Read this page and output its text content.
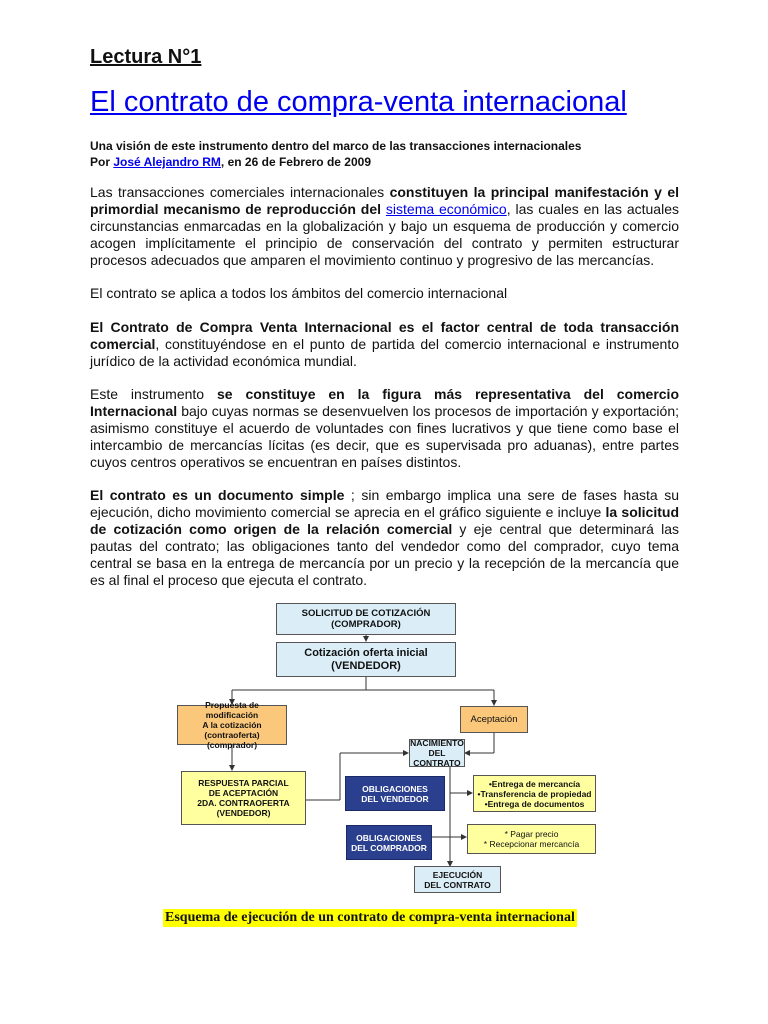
Lectura N°1
El contrato de compra-venta internacional
Una visión de este instrumento dentro del marco de las transacciones internacionales
Por José Alejandro RM, en 26 de Febrero de 2009
Las transacciones comerciales internacionales constituyen la principal manifestación y el primordial mecanismo de reproducción del sistema económico, las cuales en las actuales circunstancias enmarcadas en la globalización y bajo un esquema de producción y comercio acogen implícitamente el principio de conservación del contrato y permiten estructurar procesos adecuados que amparen el movimiento continuo y progresivo de las mercancías.
El contrato se aplica a todos los ámbitos del comercio internacional
El Contrato de Compra Venta Internacional es el factor central de toda transacción comercial, constituyéndose en el punto de partida del comercio internacional e instrumento jurídico de la actividad económica mundial.
Este instrumento se constituye en la figura más representativa del comercio Internacional bajo cuyas normas se desenvuelven los procesos de importación y exportación; asimismo constituye el acuerdo de voluntades con fines lucrativos y que tiene como base el intercambio de mercancías lícitas (es decir, que es supervisada pro aduanas), entre partes cuyos centros operativos se encuentran en países distintos.
El contrato es un documento simple ; sin embargo implica una sere de fases hasta su ejecución, dicho movimiento comercial se aprecia en el gráfico siguiente e incluye la solicitud de cotización como origen de la relación comercial y eje central que determinará las pautas del contrato; las obligaciones tanto del vendedor como del comprador, cuyo tema central se basa en la entrega de mercancía por un precio y la recepción de la mercancía que es al final el proceso que ejecuta el contrato.
SOLICITUD DE COTIZACIÓN
(COMPRADOR)
Cotización oferta inicial
(VENDEDOR)
Propuesta de modificación
A la cotización (contraoferta)
(comprador)
Aceptación
NACIMIENTO
DEL CONTRATO
RESPUESTA PARCIAL
DE ACEPTACIÓN
2DA. CONTRAOFERTA
(VENDEDOR)
OBLIGACIONES
DEL VENDEDOR
•Entrega de mercancía
•Transferencia de propiedad
•Entrega de documentos
OBLIGACIONES
DEL COMPRADOR
* Pagar precio
* Recepcionar mercancía
EJECUCIÓN
DEL CONTRATO
Esquema de ejecución de un contrato de compra-venta internacional
